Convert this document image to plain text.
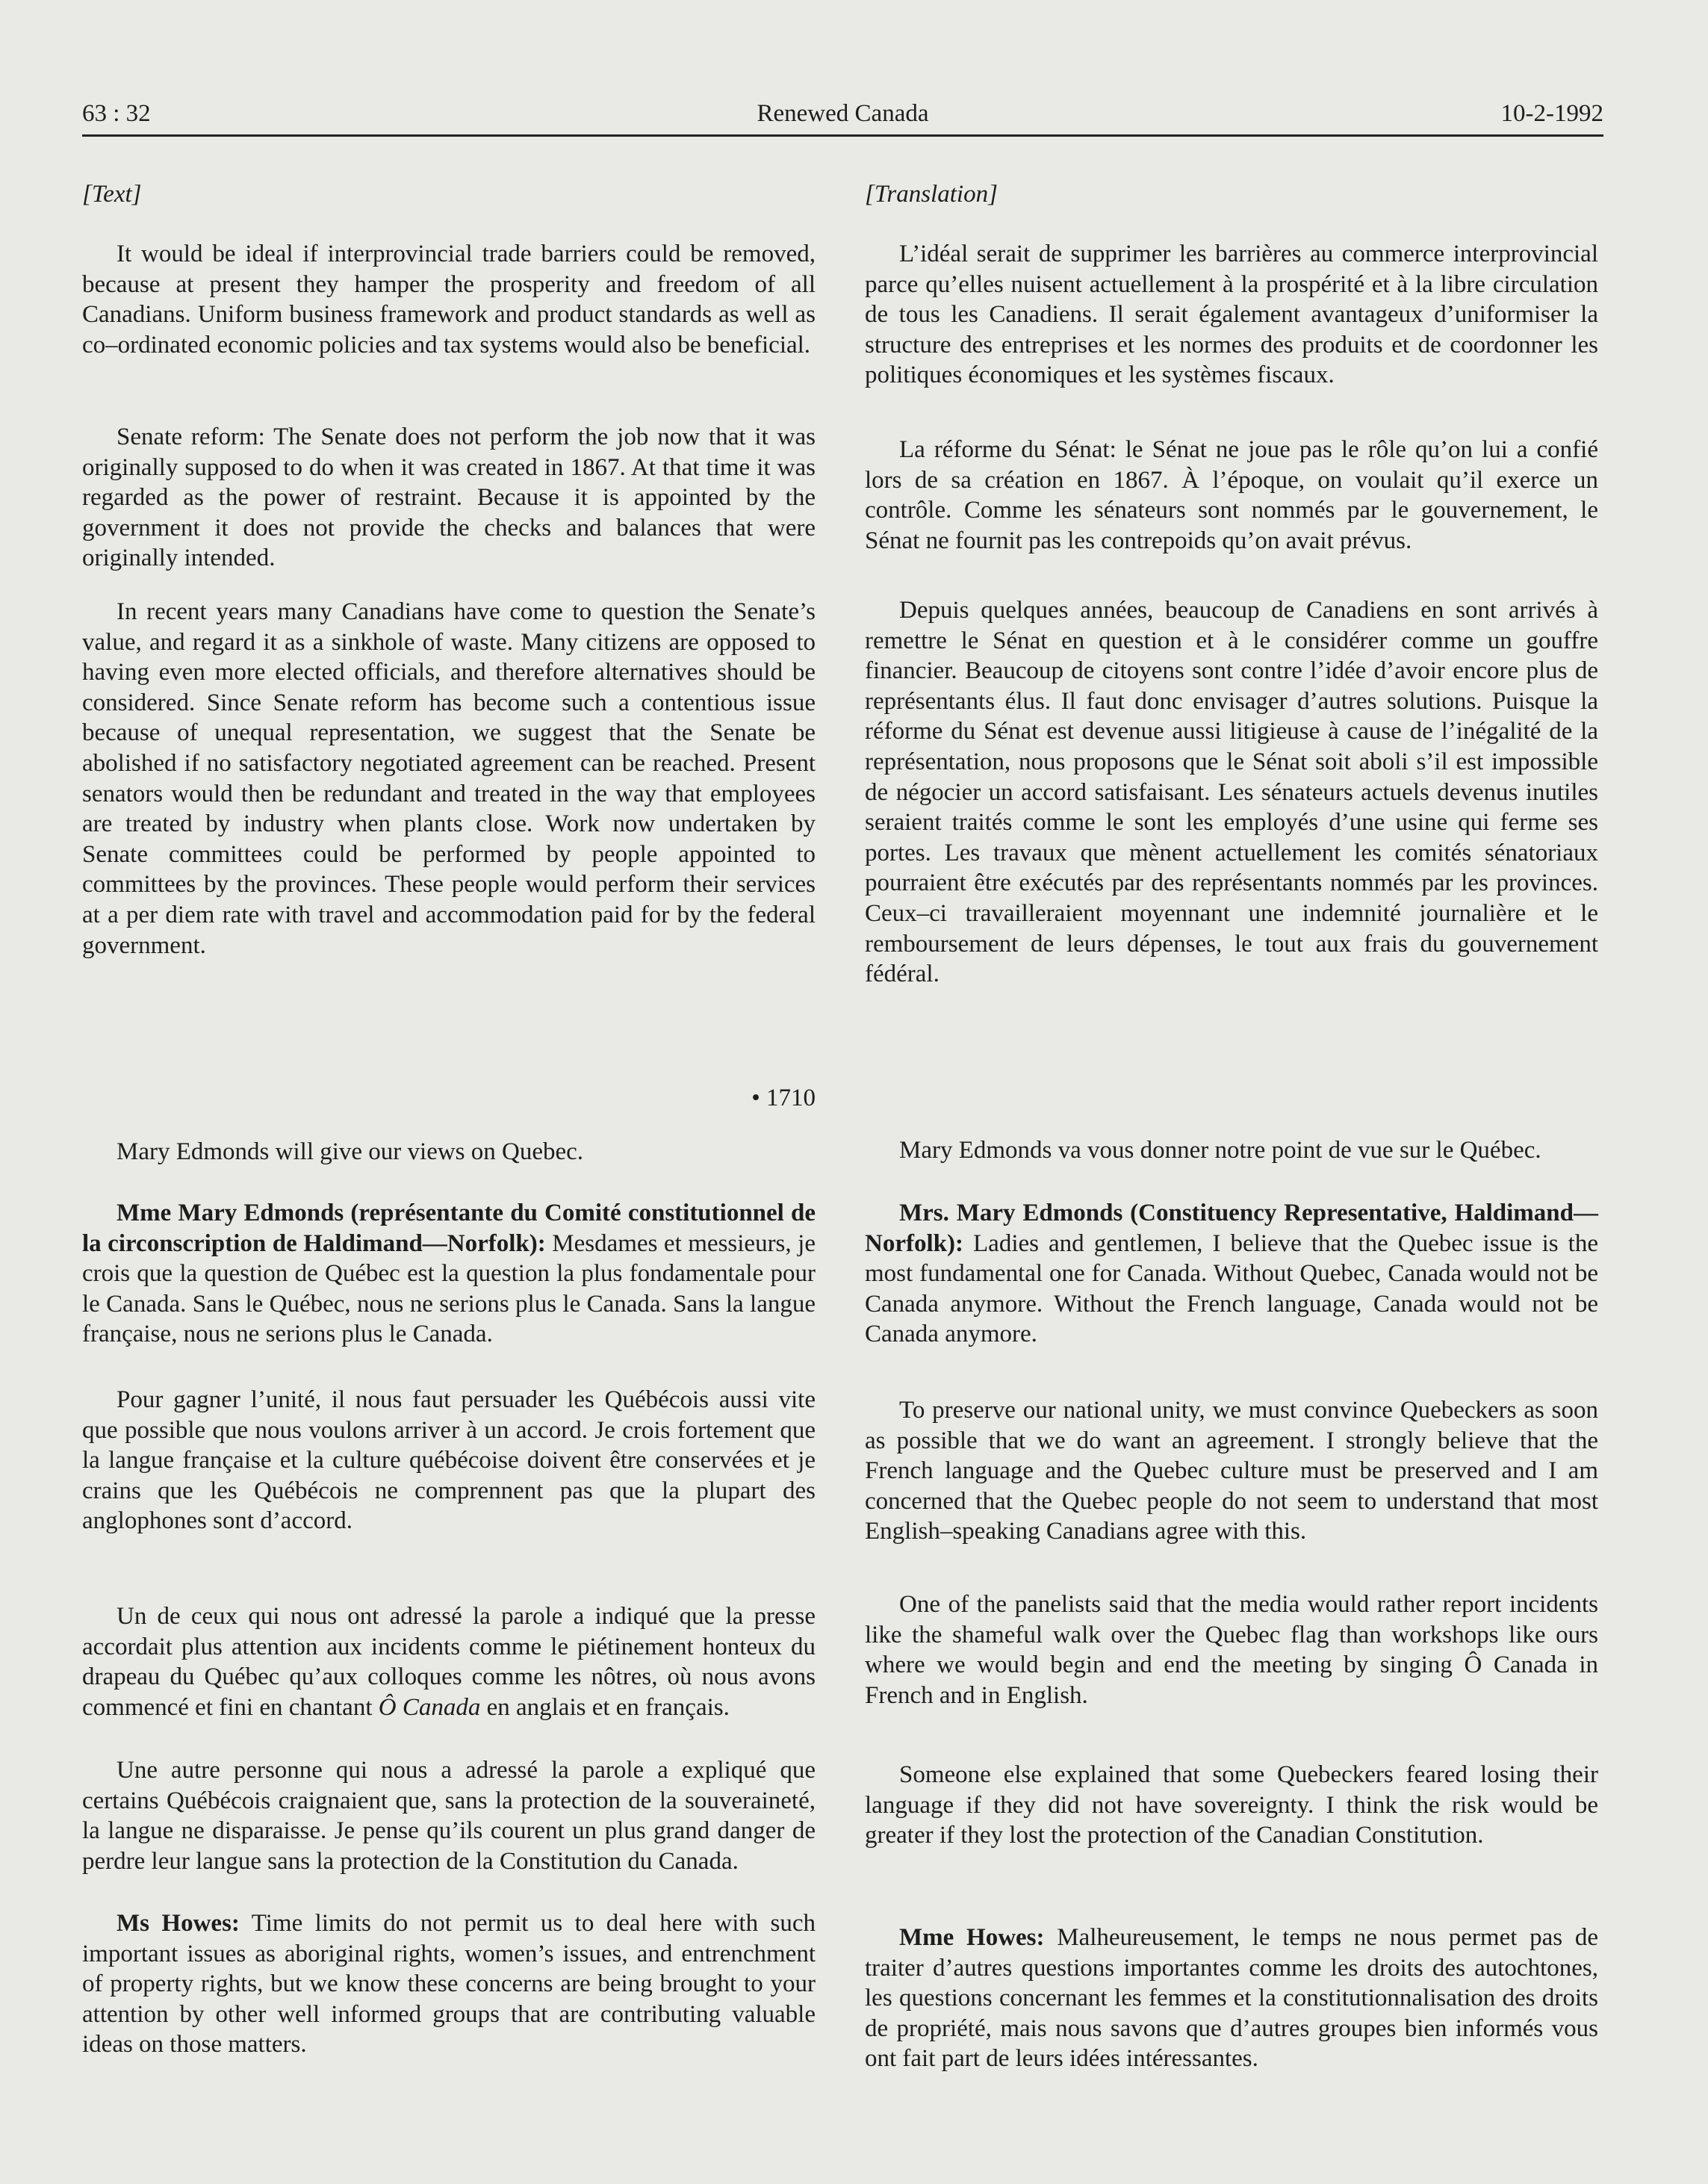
63 : 32	Renewed Canada	10-2-1992

[Text]

It would be ideal if interprovincial trade barriers could be removed, because at present they hamper the prosperity and freedom of all Canadians. Uniform business framework and product standards as well as co–ordinated economic policies and tax systems would also be beneficial.

Senate reform: The Senate does not perform the job now that it was originally supposed to do when it was created in 1867. At that time it was regarded as the power of restraint. Because it is appointed by the government it does not provide the checks and balances that were originally intended.

In recent years many Canadians have come to question the Senate’s value, and regard it as a sinkhole of waste. Many citizens are opposed to having even more elected officials, and therefore alternatives should be considered. Since Senate reform has become such a contentious issue because of unequal representation, we suggest that the Senate be abolished if no satisfactory negotiated agreement can be reached. Present senators would then be redundant and treated in the way that employees are treated by industry when plants close. Work now undertaken by Senate committees could be performed by people appointed to committees by the provinces. These people would perform their services at a per diem rate with travel and accommodation paid for by the federal government.

• 1710

Mary Edmonds will give our views on Quebec.

Mme Mary Edmonds (représentante du Comité constitutionnel de la circonscription de Haldimand—Norfolk): Mesdames et messieurs, je crois que la question de Québec est la question la plus fondamentale pour le Canada. Sans le Québec, nous ne serions plus le Canada. Sans la langue française, nous ne serions plus le Canada.

Pour gagner l’unité, il nous faut persuader les Québécois aussi vite que possible que nous voulons arriver à un accord. Je crois fortement que la langue française et la culture québécoise doivent être conservées et je crains que les Québécois ne comprennent pas que la plupart des anglophones sont d’accord.

Un de ceux qui nous ont adressé la parole a indiqué que la presse accordait plus attention aux incidents comme le piétinement honteux du drapeau du Québec qu’aux colloques comme les nôtres, où nous avons commencé et fini en chantant Ô Canada en anglais et en français.

Une autre personne qui nous a adressé la parole a expliqué que certains Québécois craignaient que, sans la protection de la souveraineté, la langue ne disparaisse. Je pense qu’ils courent un plus grand danger de perdre leur langue sans la protection de la Constitution du Canada.

Ms Howes: Time limits do not permit us to deal here with such important issues as aboriginal rights, women’s issues, and entrenchment of property rights, but we know these concerns are being brought to your attention by other well informed groups that are contributing valuable ideas on those matters.

[Translation]

L’idéal serait de supprimer les barrières au commerce interprovincial parce qu’elles nuisent actuellement à la prospérité et à la libre circulation de tous les Canadiens. Il serait également avantageux d’uniformiser la structure des entreprises et les normes des produits et de coordonner les politiques économiques et les systèmes fiscaux.

La réforme du Sénat: le Sénat ne joue pas le rôle qu’on lui a confié lors de sa création en 1867. À l’époque, on voulait qu’il exerce un contrôle. Comme les sénateurs sont nommés par le gouvernement, le Sénat ne fournit pas les contrepoids qu’on avait prévus.

Depuis quelques années, beaucoup de Canadiens en sont arrivés à remettre le Sénat en question et à le considérer comme un gouffre financier. Beaucoup de citoyens sont contre l’idée d’avoir encore plus de représentants élus. Il faut donc envisager d’autres solutions. Puisque la réforme du Sénat est devenue aussi litigieuse à cause de l’inégalité de la représentation, nous proposons que le Sénat soit aboli s’il est impossible de négocier un accord satisfaisant. Les sénateurs actuels devenus inutiles seraient traités comme le sont les employés d’une usine qui ferme ses portes. Les travaux que mènent actuellement les comités sénatoriaux pourraient être exécutés par des représentants nommés par les provinces. Ceux–ci travailleraient moyennant une indemnité journalière et le remboursement de leurs dépenses, le tout aux frais du gouvernement fédéral.

Mary Edmonds va vous donner notre point de vue sur le Québec.

Mrs. Mary Edmonds (Constituency Representative, Haldimand—Norfolk): Ladies and gentlemen, I believe that the Quebec issue is the most fundamental one for Canada. Without Quebec, Canada would not be Canada anymore. Without the French language, Canada would not be Canada anymore.

To preserve our national unity, we must convince Quebeckers as soon as possible that we do want an agreement. I strongly believe that the French language and the Quebec culture must be preserved and I am concerned that the Quebec people do not seem to understand that most English–speaking Canadians agree with this.

One of the panelists said that the media would rather report incidents like the shameful walk over the Quebec flag than workshops like ours where we would begin and end the meeting by singing Ô Canada in French and in English.

Someone else explained that some Quebeckers feared losing their language if they did not have sovereignty. I think the risk would be greater if they lost the protection of the Canadian Constitution.

Mme Howes: Malheureusement, le temps ne nous permet pas de traiter d’autres questions importantes comme les droits des autochtones, les questions concernant les femmes et la constitutionnalisation des droits de propriété, mais nous savons que d’autres groupes bien informés vous ont fait part de leurs idées intéressantes.
